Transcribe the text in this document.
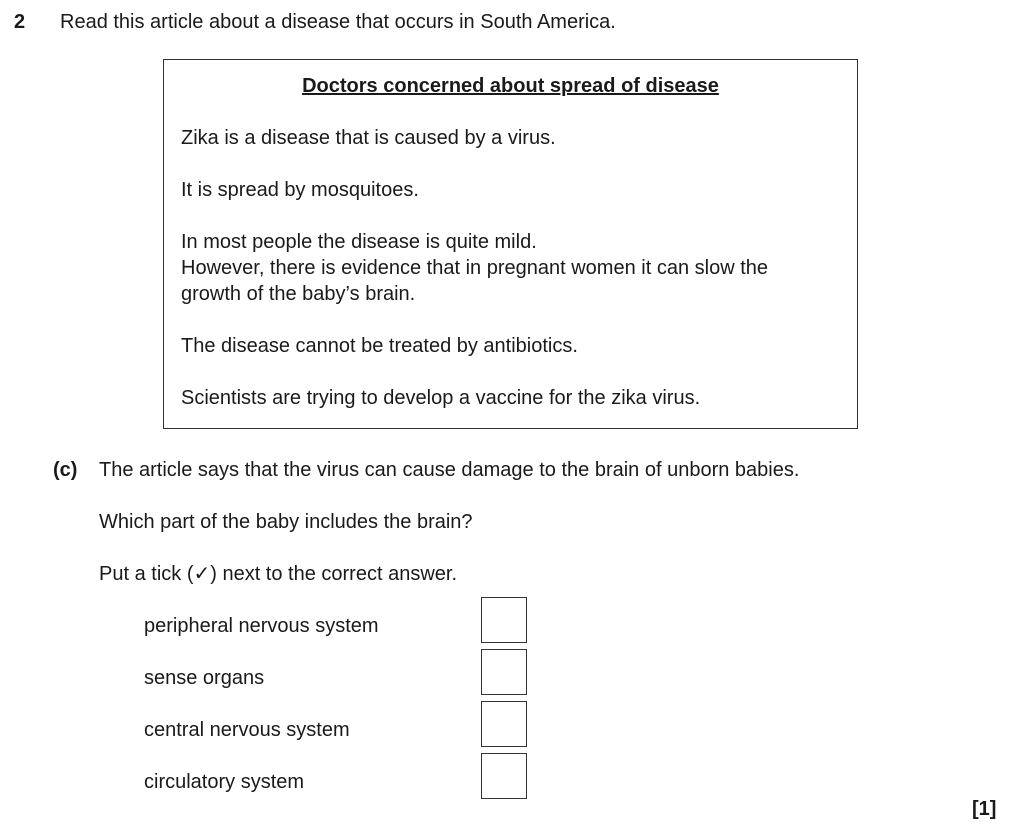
2 Read this article about a disease that occurs in South America.
Doctors concerned about spread of disease
Zika is a disease that is caused by a virus.
It is spread by mosquitoes.
In most people the disease is quite mild.
However, there is evidence that in pregnant women it can slow the
growth of the baby’s brain.
The disease cannot be treated by antibiotics.
Scientists are trying to develop a vaccine for the zika virus.
(c) The article says that the virus can cause damage to the brain of unborn babies.
Which part of the baby includes the brain?
Put a tick (✓) next to the correct answer.
peripheral nervous system
sense organs
central nervous system
circulatory system
[1]
